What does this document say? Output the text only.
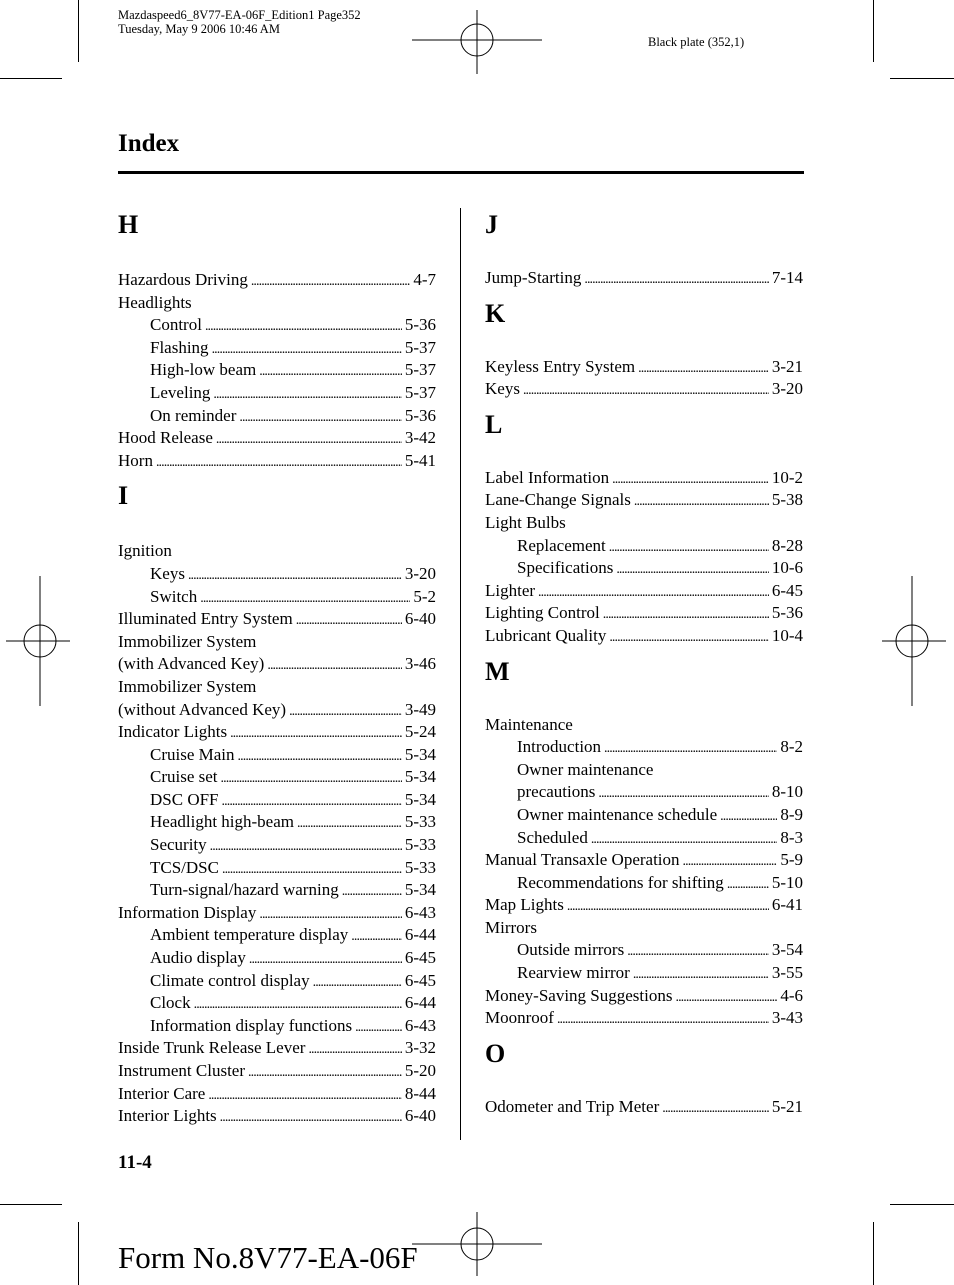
Mazdaspeed6_8V77-EA-06F_Edition1 Page352
Tuesday, May 9 2006 10:46 AM
Black plate (352,1)
Index
H
Hazardous Driving . . .	4-7
Headlights
Control . . .	5-36
Flashing . . .	5-37
High-low beam . . .	5-37
Leveling . . .	5-37
On reminder . . .	5-36
Hood Release . . .	3-42
Horn . . .	5-41
I
Ignition
Keys . . .	3-20
Switch . . .	5-2
Illuminated Entry System . . .	6-40
Immobilizer System
(with Advanced Key) . . .	3-46
Immobilizer System
(without Advanced Key) . . .	3-49
Indicator Lights . . .	5-24
Cruise Main . . .	5-34
Cruise set . . .	5-34
DSC OFF . . .	5-34
Headlight high-beam . . .	5-33
Security . . .	5-33
TCS/DSC . . .	5-33
Turn-signal/hazard warning . . .	5-34
Information Display . . .	6-43
Ambient temperature display . . .	6-44
Audio display . . .	6-45
Climate control display . . .	6-45
Clock . . .	6-44
Information display functions . . .	6-43
Inside Trunk Release Lever . . .	3-32
Instrument Cluster . . .	5-20
Interior Care . . .	8-44
Interior Lights . . .	6-40
J
Jump-Starting . . .	7-14
K
Keyless Entry System . . .	3-21
Keys . . .	3-20
L
Label Information . . .	10-2
Lane-Change Signals . . .	5-38
Light Bulbs
Replacement . . .	8-28
Specifications . . .	10-6
Lighter . . .	6-45
Lighting Control . . .	5-36
Lubricant Quality . . .	10-4
M
Maintenance
Introduction . . .	8-2
Owner maintenance
precautions . . .	8-10
Owner maintenance schedule . . .	8-9
Scheduled . . .	8-3
Manual Transaxle Operation . . .	5-9
Recommendations for shifting . . .	5-10
Map Lights . . .	6-41
Mirrors
Outside mirrors . . .	3-54
Rearview mirror . . .	3-55
Money-Saving Suggestions . . .	4-6
Moonroof . . .	3-43
O
Odometer and Trip Meter . . .	5-21
11-4
Form No.8V77-EA-06F
